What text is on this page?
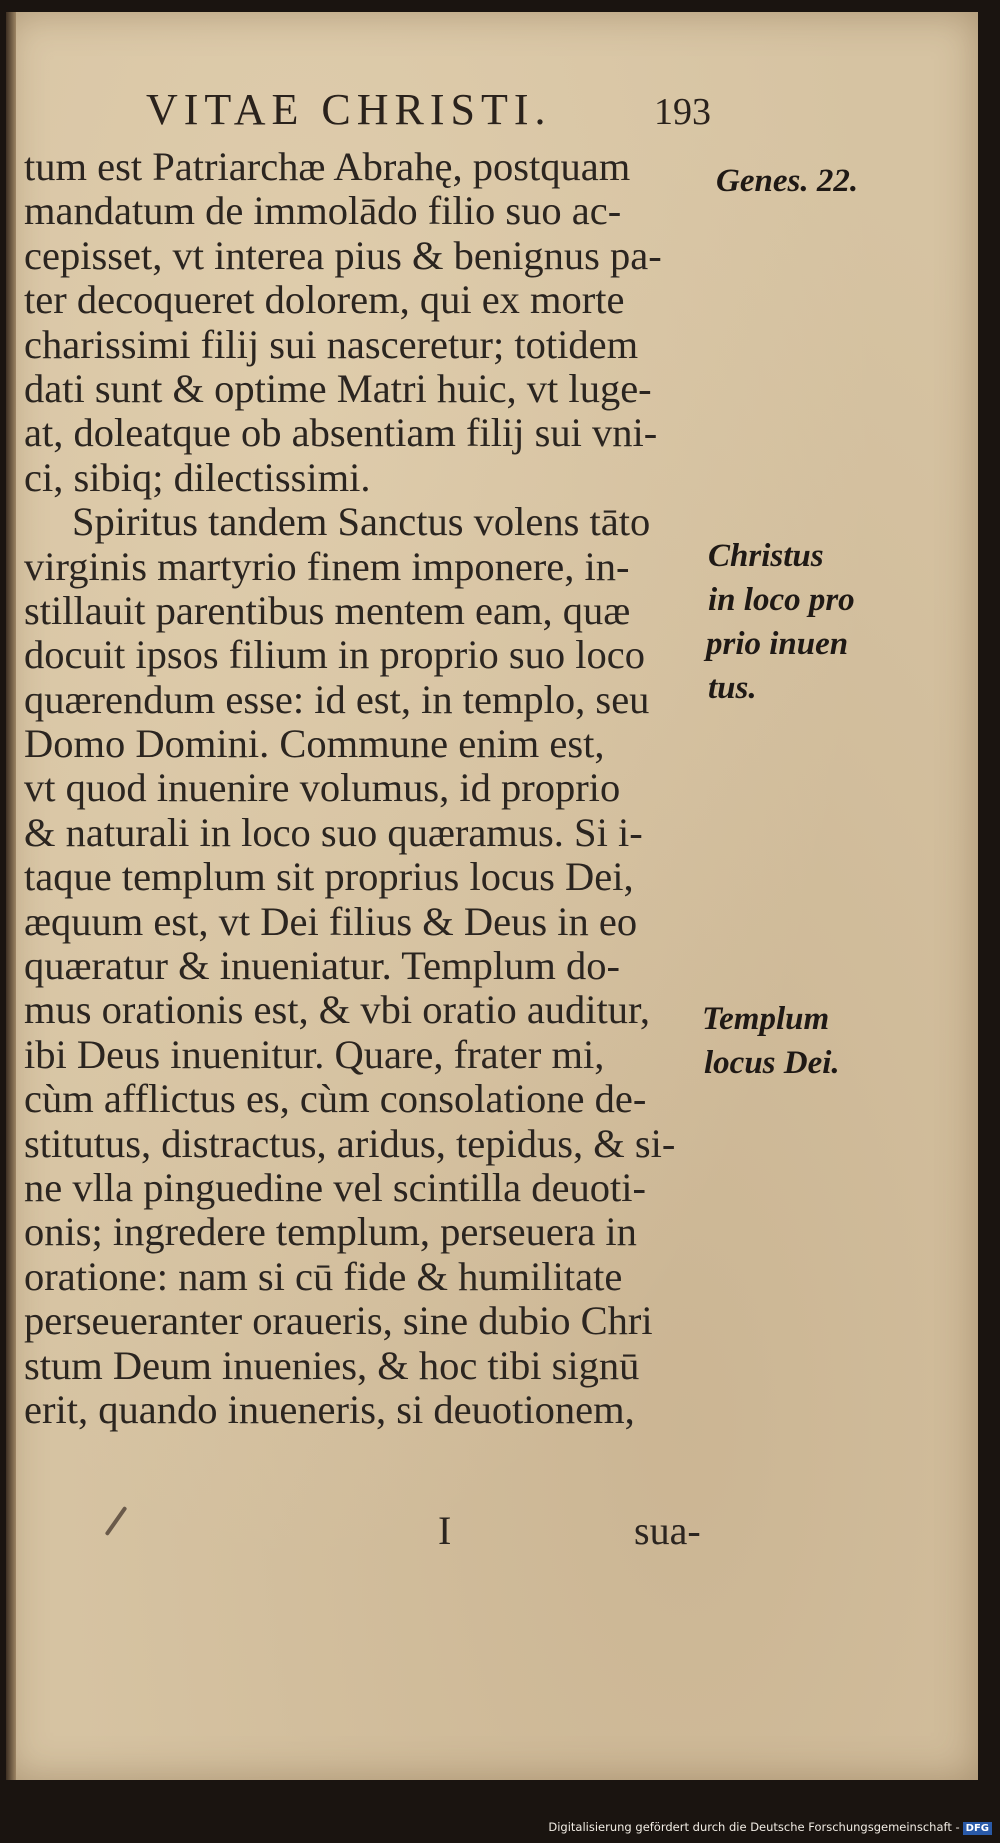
VITAE CHRISTI.	193
tum est Patriarchæ Abrahę, postquam
mandatum de immolādo filio suo ac-
cepisset, vt interea pius & benignus pa-
ter decoqueret dolorem, qui ex morte
charissimi filij sui nasceretur; totidem
dati sunt & optime Matri huic, vt luge-
at, doleatque ob absentiam filij sui vni-
ci, sibiq; dilectissimi.
Spiritus tandem Sanctus volens tāto
virginis martyrio finem imponere, in-
stillauit parentibus mentem eam, quæ
docuit ipsos filium in proprio suo loco
quærendum esse: id est, in templo, seu
Domo Domini. Commune enim est,
vt quod inuenire volumus, id proprio
& naturali in loco suo quæramus. Si i-
taque templum sit proprius locus Dei,
æquum est, vt Dei filius & Deus in eo
quæratur & inueniatur. Templum do-
mus orationis est, & vbi oratio auditur,
ibi Deus inuenitur. Quare, frater mi,
cùm afflictus es, cùm consolatione de-
stitutus, distractus, aridus, tepidus, & si-
ne vlla pinguedine vel scintilla deuoti-
onis; ingredere templum, perseuera in
oratione: nam si cū fide & humilitate
perseueranter oraueris, sine dubio Chri
stum Deum inuenies, & hoc tibi signū
erit, quando inueneris, si deuotionem,
Genes. 22.
Christus
in loco pro
prio inuen
tus.
Templum
locus Dei.
I	sua-
Digitalisierung gefördert durch die Deutsche Forschungsgemeinschaft - DFG
